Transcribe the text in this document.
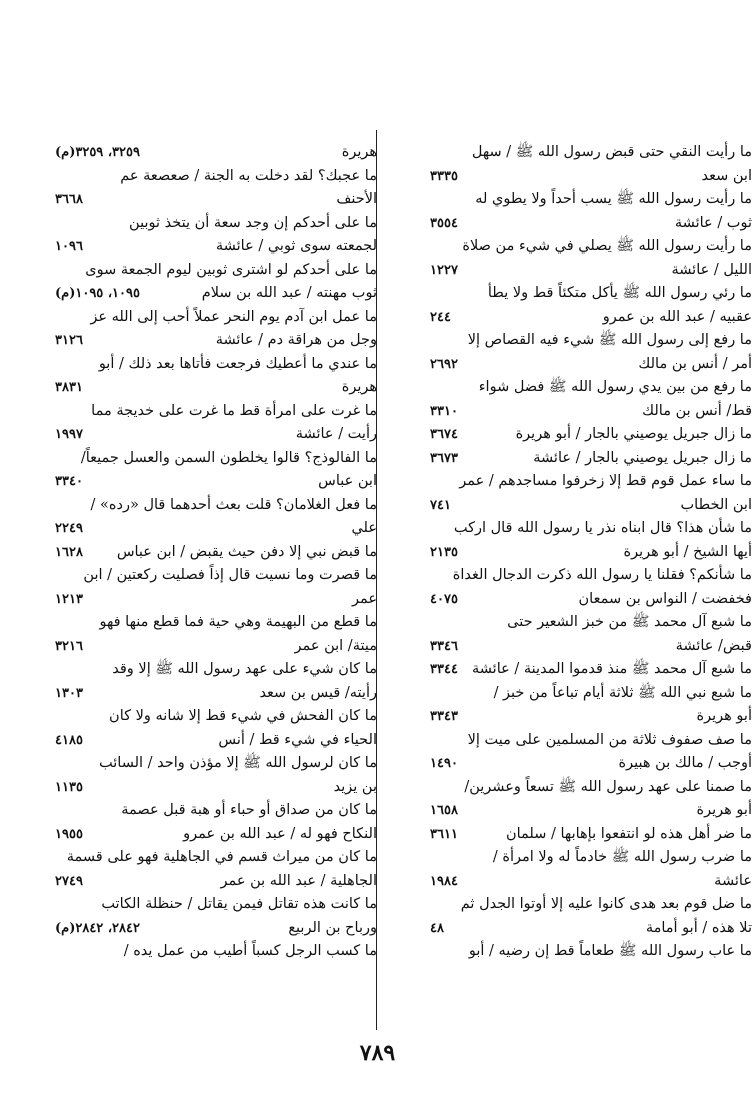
ما رأيت النقي حتى قبض رسول الله ﷺ / سهل
ابن سعد
٣٣٣٥
ما رأيت رسول الله ﷺ يسب أحداً ولا يطوي له
ثوب / عائشة
٣٥٥٤
ما رأيت رسول الله ﷺ يصلي في شيء من صلاة
الليل / عائشة
١٢٢٧
ما رئي رسول الله ﷺ يأكل متكئاً قط ولا يطأ
عقبيه / عبد الله بن عمرو
٢٤٤
ما رفع إلى رسول الله ﷺ شيء فيه القصاص إلا
أمر / أنس بن مالك
٢٦٩٢
ما رفع من بين يدي رسول الله ﷺ فضل شواء
قط/ أنس بن مالك
٣٣١٠
ما زال جبريل يوصيني بالجار / أبو هريرة
٣٦٧٤
ما زال جبريل يوصيني بالجار / عائشة
٣٦٧٣
ما ساء عمل قوم قط إلا زخرفوا مساجدهم / عمر
ابن الخطاب
٧٤١
ما شأن هذا؟ قال ابناه نذر يا رسول الله قال اركب
أيها الشيخ / أبو هريرة
٢١٣٥
ما شأنكم؟ فقلنا يا رسول الله ذكرت الدجال الغداة
فخفضت / النواس بن سمعان
٤٠٧٥
ما شبع آل محمد ﷺ من خبز الشعير حتى
قبض/ عائشة
٣٣٤٦
ما شبع آل محمد ﷺ منذ قدموا المدينة / عائشة
٣٣٤٤
ما شبع نبي الله ﷺ ثلاثة أيام تباعاً من خبز /
أبو هريرة
٣٣٤٣
ما صف صفوف ثلاثة من المسلمين على ميت إلا
أوجب / مالك بن هبيرة
١٤٩٠
ما صمنا على عهد رسول الله ﷺ تسعاً وعشرين/
أبو هريرة
١٦٥٨
ما ضر أهل هذه لو انتفعوا بإهابها / سلمان
٣٦١١
ما ضرب رسول الله ﷺ خادماً له ولا امرأة /
عائشة
١٩٨٤
ما ضل قوم بعد هدى كانوا عليه إلا أوتوا الجدل ثم
تلا هذه / أبو أمامة
٤٨
ما عاب رسول الله ﷺ طعاماً قط إن رضيه / أبو
هريرة
٣٢٥٩، ٣٢٥٩(م)
ما عجبك؟ لقد دخلت به الجنة / صعصعة عم
الأحنف
٣٦٦٨
ما على أحدكم إن وجد سعة أن يتخذ ثوبين
لجمعته سوى ثوبي / عائشة
١٠٩٦
ما على أحدكم لو اشترى ثوبين ليوم الجمعة سوى
ثوب مهنته / عبد الله بن سلام
١٠٩٥، ١٠٩٥(م)
ما عمل ابن آدم يوم النحر عملاً أحب إلى الله عز
وجل من هراقة دم / عائشة
٣١٢٦
ما عندي ما أعطيك فرجعت فأتاها بعد ذلك / أبو
هريرة
٣٨٣١
ما غرت على امرأة قط ما غرت على خديجة مما
رأيت / عائشة
١٩٩٧
ما الفالوذج؟ قالوا يخلطون السمن والعسل جميعاً/
ابن عباس
٣٣٤٠
ما فعل الغلامان؟ قلت بعث أحدهما قال «رده» /
علي
٢٢٤٩
ما قبض نبي إلا دفن حيث يقبض / ابن عباس
١٦٢٨
ما قصرت وما نسيت قال إذاً فصليت ركعتين / ابن
عمر
١٢١٣
ما قطع من البهيمة وهي حية فما قطع منها فهو
ميتة/ ابن عمر
٣٢١٦
ما كان شيء على عهد رسول الله ﷺ إلا وقد
رأيته/ قيس بن سعد
١٣٠٣
ما كان الفحش في شيء قط إلا شانه ولا كان
الحياء في شيء قط / أنس
٤١٨٥
ما كان لرسول الله ﷺ إلا مؤذن واحد / السائب
بن يزيد
١١٣٥
ما كان من صداق أو حباء أو هبة قبل عصمة
النكاح فهو له / عبد الله بن عمرو
١٩٥٥
ما كان من ميراث قسم في الجاهلية فهو على قسمة
الجاهلية / عبد الله بن عمر
٢٧٤٩
ما كانت هذه تقاتل فيمن يقاتل / حنظلة الكاتب
ورباح بن الربيع
٢٨٤٢، ٢٨٤٢(م)
ما كسب الرجل كسباً أطيب من عمل يده /
٧٨٩
